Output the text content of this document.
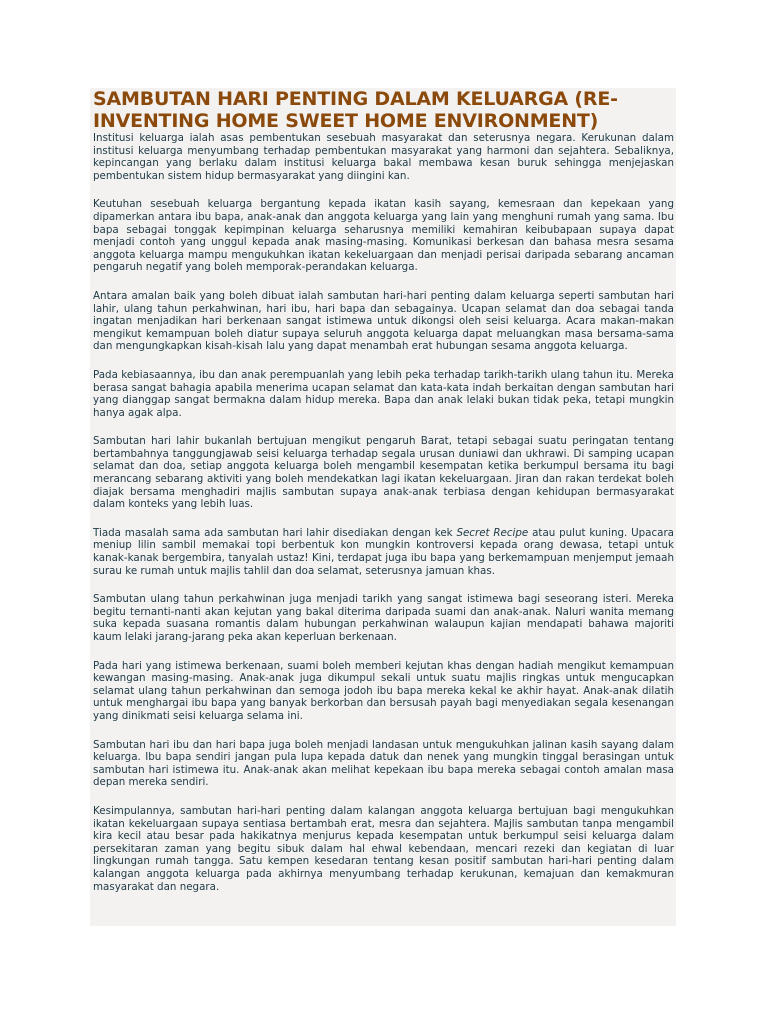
SAMBUTAN HARI PENTING DALAM KELUARGA (RE-INVENTING HOME SWEET HOME ENVIRONMENT)

Institusi keluarga ialah asas pembentukan sesebuah masyarakat dan seterusnya negara. Kerukunan dalam institusi keluarga menyumbang terhadap pembentukan masyarakat yang harmoni dan sejahtera. Sebaliknya, kepincangan yang berlaku dalam institusi keluarga bakal membawa kesan buruk sehingga menjejaskan pembentukan sistem hidup bermasyarakat yang diingini kan.

Keutuhan sesebuah keluarga bergantung kepada ikatan kasih sayang, kemesraan dan kepekaan yang dipamerkan antara ibu bapa, anak-anak dan anggota keluarga yang lain yang menghuni rumah yang sama. Ibu bapa sebagai tonggak kepimpinan keluarga seharusnya memiliki kemahiran keibubapaan supaya dapat menjadi contoh yang unggul kepada anak masing-masing. Komunikasi berkesan dan bahasa mesra sesama anggota keluarga mampu mengukuhkan ikatan kekeluargaan dan menjadi perisai daripada sebarang ancaman pengaruh negatif yang boleh memporak-perandakan keluarga.

Antara amalan baik yang boleh dibuat ialah sambutan hari-hari penting dalam keluarga seperti sambutan hari lahir, ulang tahun perkahwinan, hari ibu, hari bapa dan sebagainya. Ucapan selamat dan doa sebagai tanda ingatan menjadikan hari berkenaan sangat istimewa untuk dikongsi oleh seisi keluarga. Acara makan-makan mengikut kemampuan boleh diatur supaya seluruh anggota keluarga dapat meluangkan masa bersama-sama dan mengungkapkan kisah-kisah lalu yang dapat menambah erat hubungan sesama anggota keluarga.

Pada kebiasaannya, ibu dan anak perempuanlah yang lebih peka terhadap tarikh-tarikh ulang tahun itu. Mereka berasa sangat bahagia apabila menerima ucapan selamat dan kata-kata indah berkaitan dengan sambutan hari yang dianggap sangat bermakna dalam hidup mereka. Bapa dan anak lelaki bukan tidak peka, tetapi mungkin hanya agak alpa.

Sambutan hari lahir bukanlah bertujuan mengikut pengaruh Barat, tetapi sebagai suatu peringatan tentang bertambahnya tanggungjawab seisi keluarga terhadap segala urusan duniawi dan ukhrawi. Di samping ucapan selamat dan doa, setiap anggota keluarga boleh mengambil kesempatan ketika berkumpul bersama itu bagi merancang sebarang aktiviti yang boleh mendekatkan lagi ikatan kekeluargaan. Jiran dan rakan terdekat boleh diajak bersama menghadiri majlis sambutan supaya anak-anak terbiasa dengan kehidupan bermasyarakat dalam konteks yang lebih luas.

Tiada masalah sama ada sambutan hari lahir disediakan dengan kek Secret Recipe atau pulut kuning. Upacara meniup lilin sambil memakai topi berbentuk kon mungkin kontroversi kepada orang dewasa, tetapi untuk kanak-kanak bergembira, tanyalah ustaz! Kini, terdapat juga ibu bapa yang berkemampuan menjemput jemaah surau ke rumah untuk majlis tahlil dan doa selamat, seterusnya jamuan khas.

Sambutan ulang tahun perkahwinan juga menjadi tarikh yang sangat istimewa bagi seseorang isteri. Mereka begitu ternanti-nanti akan kejutan yang bakal diterima daripada suami dan anak-anak. Naluri wanita memang suka kepada suasana romantis dalam hubungan perkahwinan walaupun kajian mendapati bahawa majoriti kaum lelaki jarang-jarang peka akan keperluan berkenaan.

Pada hari yang istimewa berkenaan, suami boleh memberi kejutan khas dengan hadiah mengikut kemampuan kewangan masing-masing. Anak-anak juga dikumpul sekali untuk suatu majlis ringkas untuk mengucapkan selamat ulang tahun perkahwinan dan semoga jodoh ibu bapa mereka kekal ke akhir hayat. Anak-anak dilatih untuk menghargai ibu bapa yang banyak berkorban dan bersusah payah bagi menyediakan segala kesenangan yang dinikmati seisi keluarga selama ini.

Sambutan hari ibu dan hari bapa juga boleh menjadi landasan untuk mengukuhkan jalinan kasih sayang dalam keluarga. Ibu bapa sendiri jangan pula lupa kepada datuk dan nenek yang mungkin tinggal berasingan untuk sambutan hari istimewa itu. Anak-anak akan melihat kepekaan ibu bapa mereka sebagai contoh amalan masa depan mereka sendiri.

Kesimpulannya, sambutan hari-hari penting dalam kalangan anggota keluarga bertujuan bagi mengukuhkan ikatan kekeluargaan supaya sentiasa bertambah erat, mesra dan sejahtera. Majlis sambutan tanpa mengambil kira kecil atau besar pada hakikatnya menjurus kepada kesempatan untuk berkumpul seisi keluarga dalam persekitaran zaman yang begitu sibuk dalam hal ehwal kebendaan, mencari rezeki dan kegiatan di luar lingkungan rumah tangga. Satu kempen kesedaran tentang kesan positif sambutan hari-hari penting dalam kalangan anggota keluarga pada akhirnya menyumbang terhadap kerukunan, kemajuan dan kemakmuran masyarakat dan negara.
